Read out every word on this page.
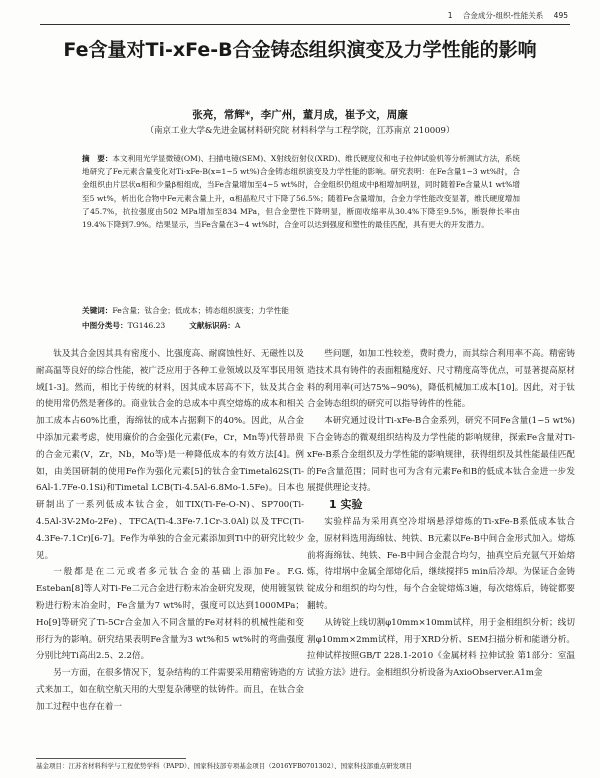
1 合金成分-组织-性能关系 495
Fe含量对Ti-xFe-B合金铸态组织演变及力学性能的影响
张亮，常辉*，李广州，董月成，崔予文，周廉
（南京工业大学&先进金属材料研究院 材料科学与工程学院，江苏南京 210009）
摘　要：本文利用光学显微镜(OM)、扫描电镜(SEM)、X射线衍射仪(XRD)、维氏硬度仪和电子拉伸试验机等分析测试方法，系统地研究了Fe元素含量变化对Ti-xFe-B(x=1~5 wt%)合金铸态组织演变及力学性能的影响。研究表明：在Fe含量1~3 wt%时，合金组织由片层状α相和少量β相组成，当Fe含量增加至4~5 wt%时，合金组织仍组成中β相增加明显，同时随着Fe含量从1 wt%增至5 wt%，析出化合物中Fe元素含量上升，α相晶粒尺寸下降了56.5%；随着Fe含量增加，合金力学性能改变显著，维氏硬度增加了45.7%，抗拉强度由502 MPa增加至834 MPa，但合金塑性下降明显，断面收缩率从30.4%下降至9.5%，断裂伸长率由19.4%下降到7.9%。结果显示，当Fe含量在3~4 wt%时，合金可以达到强度和塑性的最佳匹配，具有更大的开发潜力。
关键词：Fe含量；钛合金；低成本；铸态组织演变；力学性能
中图分类号：TG146.23	文献标识码：A

钛及其合金因其具有密度小、比强度高、耐腐蚀性好、无磁性以及耐高温等良好的综合性能，被广泛应用于各种工业领域以及军事民用领域[1-3]。然而，相比于传统的材料，因其成本居高不下，钛及其合金的使用常仍然是奢侈的。商业钛合金的总成本中真空熔炼的成本和相关加工成本占60%比重，海绵钛的成本占据剩下的40%。因此，从合金中添加元素考虑，使用廉价的合金强化元素(Fe，Cr，Mn等)代替昂贵的合金元素(V，Zr，Nb，Mo等)是一种降低成本的有效方法[4]。例如，由美国研制的使用Fe作为强化元素[5]的钛合金Timetal62S(Ti-6Al-1.7Fe-0.1Si)和Timetal LCB(Ti-4.5Al-6.8Mo-1.5Fe)。日本也研制出了一系列低成本钛合金，如TIX(Ti-Fe-O-N)、SP700(Ti-4.5Al-3V-2Mo-2Fe)、TFCA(Ti-4.3Fe-7.1Cr-3.0Al)以及TFC(Ti-4.3Fe-7.1Cr)[6-7]。Fe作为单独的合金元素添加到Ti中的研究比较少见。

一般都是在二元或者多元钛合金的基础上添加Fe。F.G. Esteban[8]等人对Ti-Fe二元合金进行粉末冶金研究发现，使用镀氢铁粉进行粉末冶金时，Fe含量为7 wt%时，强度可以达到1000MPa；Ho[9]等研究了Ti-5Cr合金加入不同含量的Fe对材料的机械性能和变形行为的影响。研究结果表明Fe含量为3 wt%和5 wt%时的弯曲强度分别比纯Ti高出2.5、2.2倍。

另一方面，在很多情况下，复杂结构的工件需要采用精密铸造的方式来加工，如在航空航天用的大型复杂薄壁的钛铸件。而且，在钛合金加工过程中也存在着一

些问题，如加工性较差，费时费力，而其综合利用率不高。精密铸造技术具有铸件的表面粗糙度好、尺寸精度高等优点，可显著提高原材料的利用率(可达75%~90%)，降低机械加工成本[10]。因此，对于钛合金铸态组织的研究可以指导铸件的性能。

本研究通过设计Ti-xFe-B合金系列，研究不同Fe含量(1~5 wt%)下合金铸态的微观组织结构及力学性能的影响规律，探索Fe含量对Ti-xFe-B系合金组织及力学性能的影响规律，获得组织及其性能最佳匹配的Fe含量范围；同时也可为含有元素Fe和B的低成本钛合金进一步发展提供理论支持。

1 实验

实验样品为采用真空冷坩埚悬浮熔炼的Ti-xFe-B系低成本钛合金，原材料选用海绵钛、纯铁、B元素以Fe-B中间合金形式加入。熔炼前将海绵钛、纯铁、Fe-B中间合金混合均匀，抽真空后充氩气开始熔炼，待坩埚中金属全部熔化后，继续搅拌5 min后冷却。为保证合金铸锭成分和组织的均匀性，每个合金锭熔炼3遍，每次熔炼后，铸锭都要翻转。

从铸锭上线切割φ10mm×10mm试样，用于金相组织分析；线切割φ10mm×2mm试样，用于XRD分析、SEM扫描分析和能谱分析。拉伸试样按照GB/T 228.1-2010《金属材料 拉伸试验 第1部分：室温试验方法》进行。金相组织分析设备为AxioObserver.A1m金

基金项目：江苏省材料科学与工程优势学科（PAPD）、国家科技部专项基金项目（2016YFB0701302）、国家科技部重点研发项目
